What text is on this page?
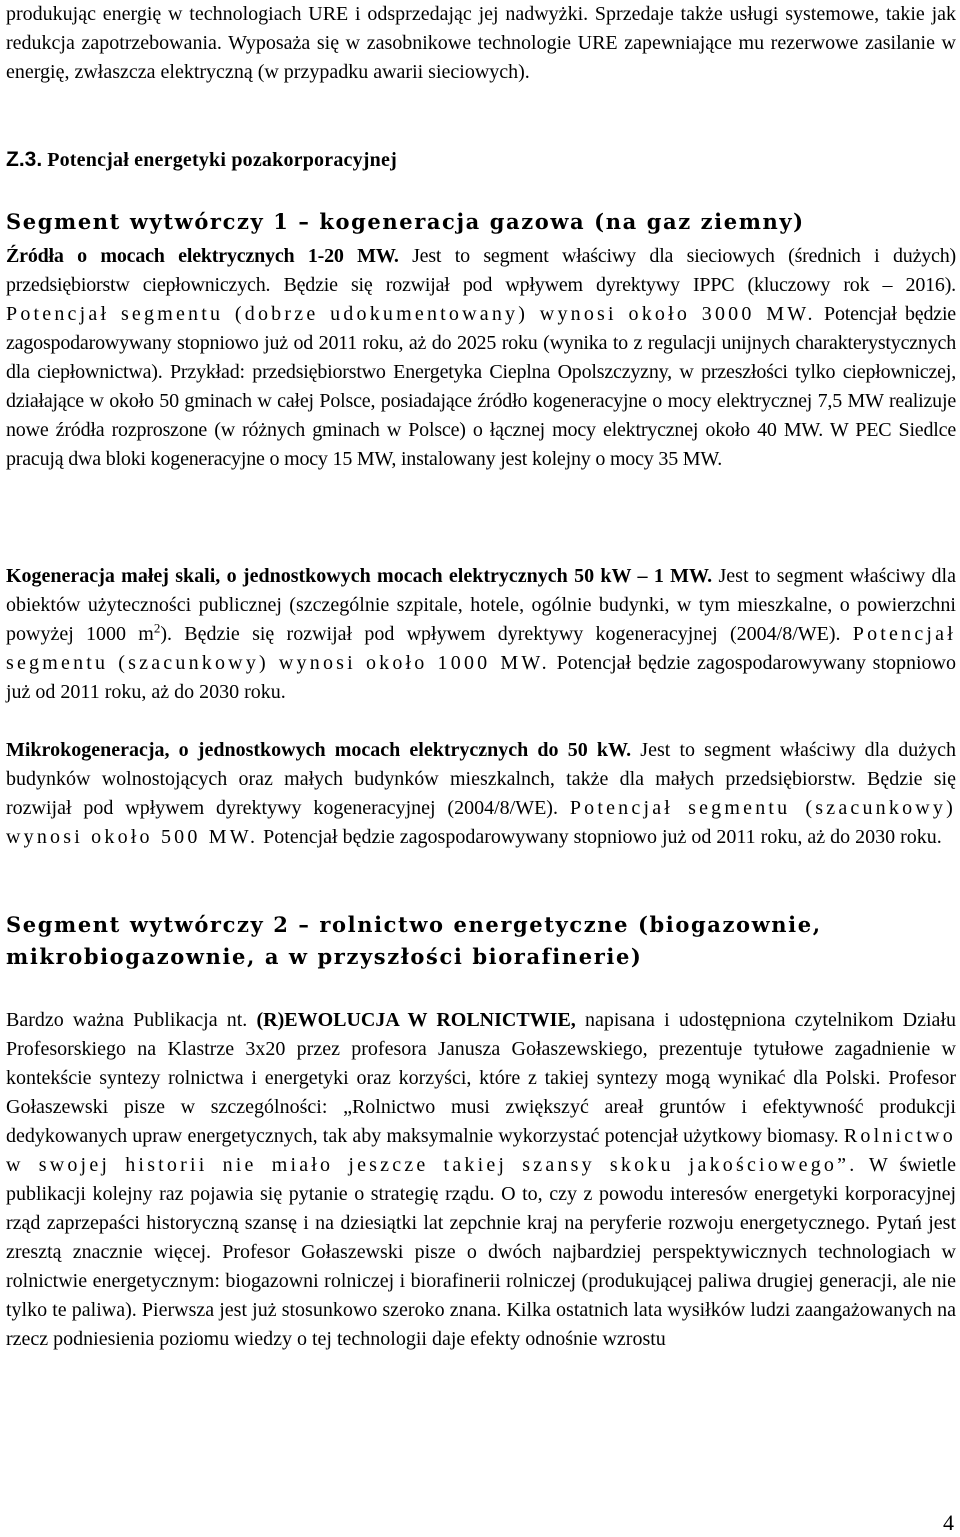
produkując energię w technologiach URE i odsprzedając jej nadwyżki. Sprzedaje także usługi systemowe, takie jak redukcja zapotrzebowania. Wyposaża się w zasobnikowe technologie URE zapewniające mu rezerwowe zasilanie w energię, zwłaszcza elektryczną (w przypadku awarii sieciowych).

Z.3. Potencjał energetyki pozakorporacyjnej

Segment wytwórczy 1 – kogeneracja gazowa (na gaz ziemny)

Źródła o mocach elektrycznych 1-20 MW. Jest to segment właściwy dla sieciowych (średnich i dużych) przedsiębiorstw ciepłowniczych. Będzie się rozwijał pod wpływem dyrektywy IPPC (kluczowy rok – 2016). Potencjał segmentu (dobrze udokumentowany) wynosi około 3000 MW. Potencjał będzie zagospodarowywany stopniowo już od 2011 roku, aż do 2025 roku (wynika to z regulacji unijnych charakterystycznych dla ciepłownictwa). Przykład: przedsiębiorstwo Energetyka Cieplna Opolszczyzny, w przeszłości tylko ciepłowniczej, działające w około 50 gminach w całej Polsce, posiadające źródło kogeneracyjne o mocy elektrycznej 7,5 MW realizuje nowe źródła rozproszone (w różnych gminach w Polsce) o łącznej mocy elektrycznej około 40 MW. W PEC Siedlce pracują dwa bloki kogeneracyjne o mocy 15 MW, instalowany jest kolejny o mocy 35 MW.

Kogeneracja małej skali, o jednostkowych mocach elektrycznych 50 kW – 1 MW. Jest to segment właściwy dla obiektów użyteczności publicznej (szczególnie szpitale, hotele, ogólnie budynki, w tym mieszkalne, o powierzchni powyżej 1000 $m^2$). Będzie się rozwijał pod wpływem dyrektywy kogeneracyjnej (2004/8/WE). Potencjał segmentu (szacunkowy) wynosi około 1000 MW. Potencjał będzie zagospodarowywany stopniowo już od 2011 roku, aż do 2030 roku.

Mikrokogeneracja, o jednostkowych mocach elektrycznych do 50 kW. Jest to segment właściwy dla dużych budynków wolnostojących oraz małych budynków mieszkalnch, także dla małych przedsiębiorstw. Będzie się rozwijał pod wpływem dyrektywy kogeneracyjnej (2004/8/WE). Potencjał segmentu (szacunkowy) wynosi około 500 MW. Potencjał będzie zagospodarowywany stopniowo już od 2011 roku, aż do 2030 roku.

Segment wytwórczy 2 – rolnictwo energetyczne (biogazownie,
mikrobiogazownie, a w przyszłości biorafinerie)

Bardzo ważna Publikacja nt. (R)EWOLUCJA W ROLNICTWIE, napisana i udostępniona czytelnikom Działu Profesorskiego na Klastrze 3x20 przez profesora Janusza Gołaszewskiego, prezentuje tytułowe zagadnienie w kontekście syntezy rolnictwa i energetyki oraz korzyści, które z takiej syntezy mogą wynikać dla Polski. Profesor Gołaszewski pisze w szczególności: „Rolnictwo musi zwiększyć areał gruntów i efektywność produkcji dedykowanych upraw energetycznych, tak aby maksymalnie wykorzystać potencjał użytkowy biomasy. Rolnictwo w swojej historii nie miało jeszcze takiej szansy skoku jakościowego”. W świetle publikacji kolejny raz pojawia się pytanie o strategię rządu. O to, czy z powodu interesów energetyki korporacyjnej rząd zaprzepaści historyczną szansę i na dziesiątki lat zepchnie kraj na peryferie rozwoju energetycznego. Pytań jest zresztą znacznie więcej. Profesor Gołaszewski pisze o dwóch najbardziej perspektywicznych technologiach w rolnictwie energetycznym: biogazowni rolniczej i biorafinerii rolniczej (produkującej paliwa drugiej generacji, ale nie tylko te paliwa). Pierwsza jest już stosunkowo szeroko znana. Kilka ostatnich lata wysiłków ludzi zaangażowanych na rzecz podniesienia poziomu wiedzy o tej technologii daje efekty odnośnie wzrostu

4
